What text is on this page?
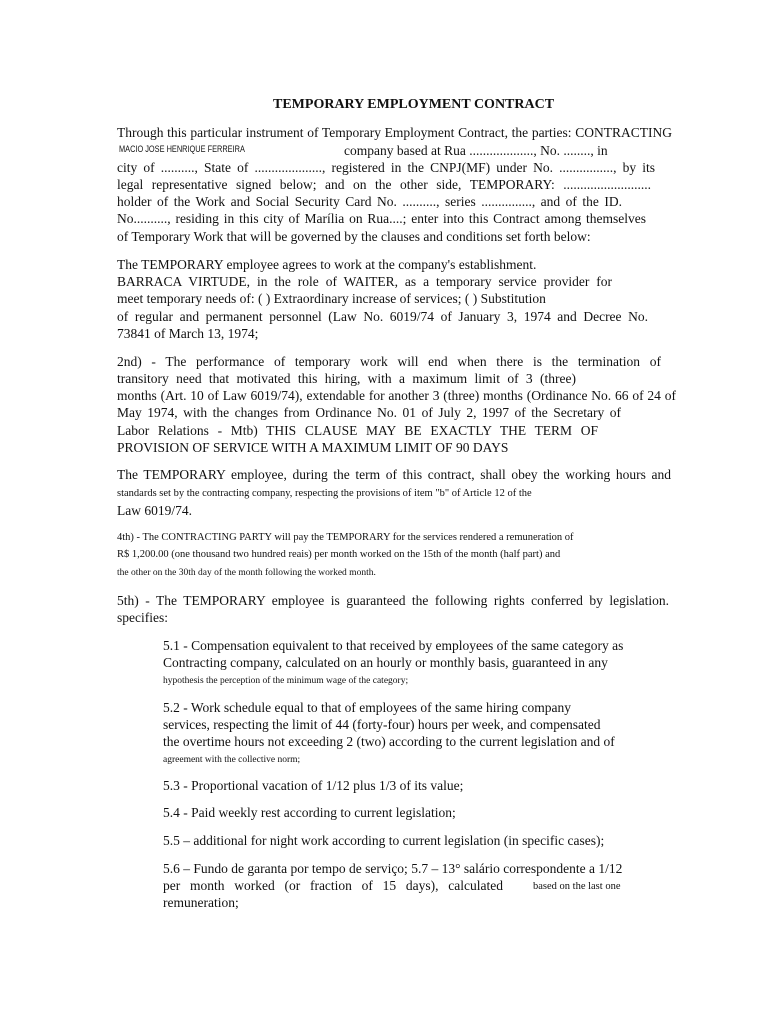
TEMPORARY EMPLOYMENT CONTRACT
Through this particular instrument of Temporary Employment Contract, the parties: CONTRACTING
MACIO JOSE HENRIQUE FERREIRA	company based at Rua ..................., No. ........, in
city of .........., State of ...................., registered in the CNPJ(MF) under No. ................, by its
legal representative signed below; and on the other side, TEMPORARY: ..........................
holder of the Work and Social Security Card No. .........., series ..............., and of the ID.
No.........., residing in this city of Marília on Rua....; enter into this Contract among themselves
of Temporary Work that will be governed by the clauses and conditions set forth below:
The TEMPORARY employee agrees to work at the company's establishment.
BARRACA VIRTUDE, in the role of WAITER, as a temporary service provider for
meet temporary needs of: ( ) Extraordinary increase of services; ( ) Substitution
of regular and permanent personnel (Law No. 6019/74 of January 3, 1974 and Decree No.
73841 of March 13, 1974;
2nd) - The performance of temporary work will end when there is the termination of
transitory need that motivated this hiring, with a maximum limit of 3 (three)
months (Art. 10 of Law 6019/74), extendable for another 3 (three) months (Ordinance No. 66 of 24 of
May 1974, with the changes from Ordinance No. 01 of July 2, 1997 of the Secretary of
Labor Relations - Mtb) THIS CLAUSE MAY BE EXACTLY THE TERM OF
PROVISION OF SERVICE WITH A MAXIMUM LIMIT OF 90 DAYS
The TEMPORARY employee, during the term of this contract, shall obey the working hours and
standards set by the contracting company, respecting the provisions of item "b" of Article 12 of the
Law 6019/74.
4th) - The CONTRACTING PARTY will pay the TEMPORARY for the services rendered a remuneration of
R$ 1,200.00 (one thousand two hundred reais) per month worked on the 15th of the month (half part) and
the other on the 30th day of the month following the worked month.
5th) - The TEMPORARY employee is guaranteed the following rights conferred by legislation.
specifies:
5.1 - Compensation equivalent to that received by employees of the same category as
Contracting company, calculated on an hourly or monthly basis, guaranteed in any
hypothesis the perception of the minimum wage of the category;
5.2 - Work schedule equal to that of employees of the same hiring company
services, respecting the limit of 44 (forty-four) hours per week, and compensated
the overtime hours not exceeding 2 (two) according to the current legislation and of
agreement with the collective norm;
5.3 - Proportional vacation of 1/12 plus 1/3 of its value;
5.4 - Paid weekly rest according to current legislation;
5.5 – additional for night work according to current legislation (in specific cases);
5.6 – Fundo de garanta por tempo de serviço; 5.7 – 13° salário correspondente a 1/12
per month worked (or fraction of 15 days), calculated	based on the last one
remuneration;
